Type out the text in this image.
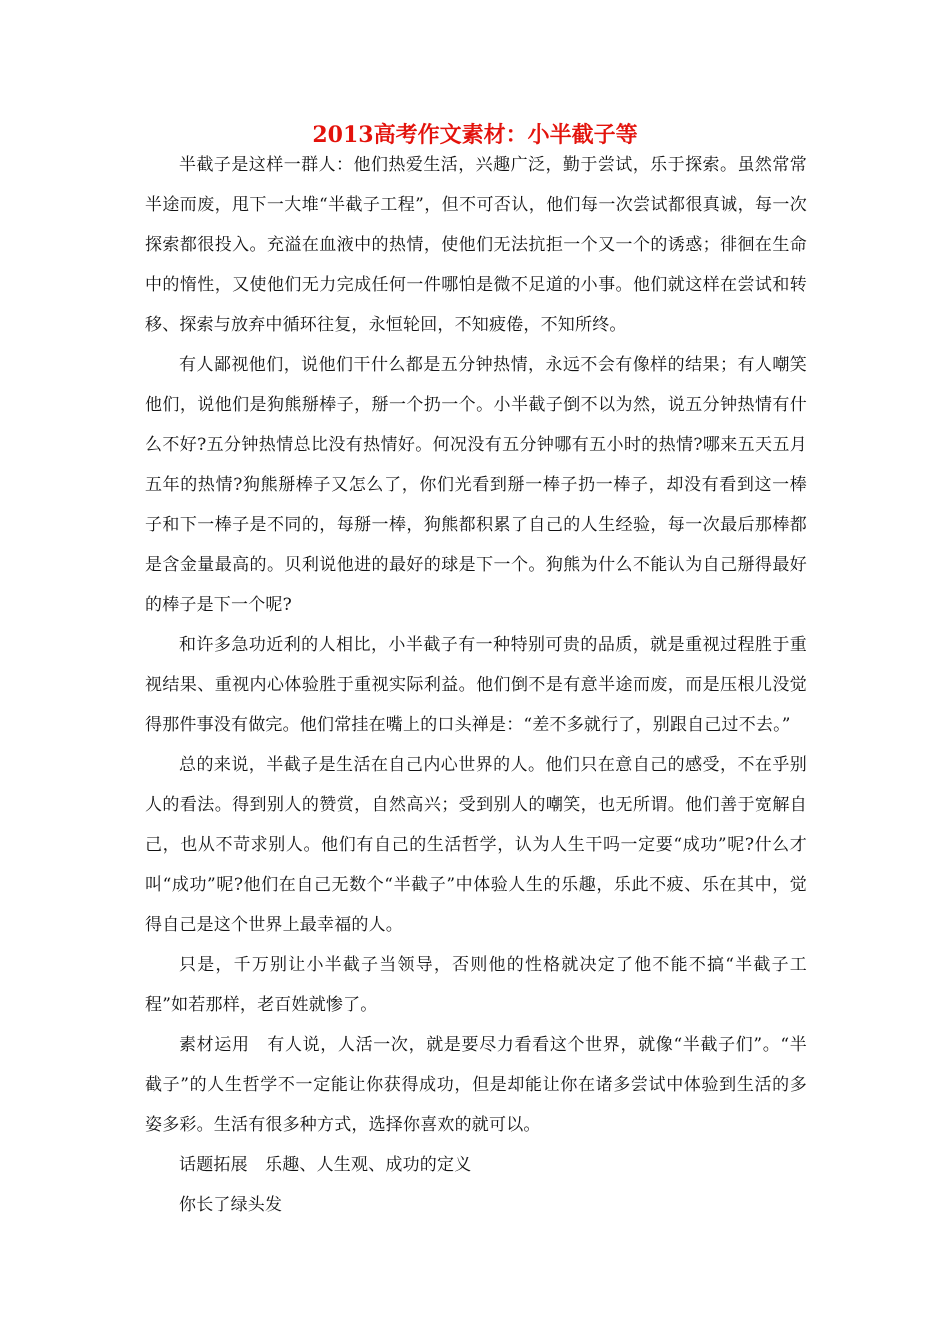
2013高考作文素材：小半截子等

半截子是这样一群人：他们热爱生活，兴趣广泛，勤于尝试，乐于探索。虽然常常半途而废，甩下一大堆“半截子工程”，但不可否认，他们每一次尝试都很真诚，每一次探索都很投入。充溢在血液中的热情，使他们无法抗拒一个又一个的诱惑；徘徊在生命中的惰性，又使他们无力完成任何一件哪怕是微不足道的小事。他们就这样在尝试和转移、探索与放弃中循环往复，永恒轮回，不知疲倦，不知所终。

有人鄙视他们，说他们干什么都是五分钟热情，永远不会有像样的结果；有人嘲笑他们，说他们是狗熊掰棒子，掰一个扔一个。小半截子倒不以为然，说五分钟热情有什么不好?五分钟热情总比没有热情好。何况没有五分钟哪有五小时的热情?哪来五天五月五年的热情?狗熊掰棒子又怎么了，你们光看到掰一棒子扔一棒子，却没有看到这一棒子和下一棒子是不同的，每掰一棒，狗熊都积累了自己的人生经验，每一次最后那棒都是含金量最高的。贝利说他进的最好的球是下一个。狗熊为什么不能认为自己掰得最好的棒子是下一个呢?

和许多急功近利的人相比，小半截子有一种特别可贵的品质，就是重视过程胜于重视结果、重视内心体验胜于重视实际利益。他们倒不是有意半途而废，而是压根儿没觉得那件事没有做完。他们常挂在嘴上的口头禅是：“差不多就行了，别跟自己过不去。”

总的来说，半截子是生活在自己内心世界的人。他们只在意自己的感受，不在乎别人的看法。得到别人的赞赏，自然高兴；受到别人的嘲笑，也无所谓。他们善于宽解自己，也从不苛求别人。他们有自己的生活哲学，认为人生干吗一定要“成功”呢?什么才叫“成功”呢?他们在自己无数个“半截子”中体验人生的乐趣，乐此不疲、乐在其中，觉得自己是这个世界上最幸福的人。

只是，千万别让小半截子当领导，否则他的性格就决定了他不能不搞“半截子工程”如若那样，老百姓就惨了。

素材运用　有人说，人活一次，就是要尽力看看这个世界，就像“半截子们”。“半截子”的人生哲学不一定能让你获得成功，但是却能让你在诸多尝试中体验到生活的多姿多彩。生活有很多种方式，选择你喜欢的就可以。

话题拓展　乐趣、人生观、成功的定义

你长了绿头发
